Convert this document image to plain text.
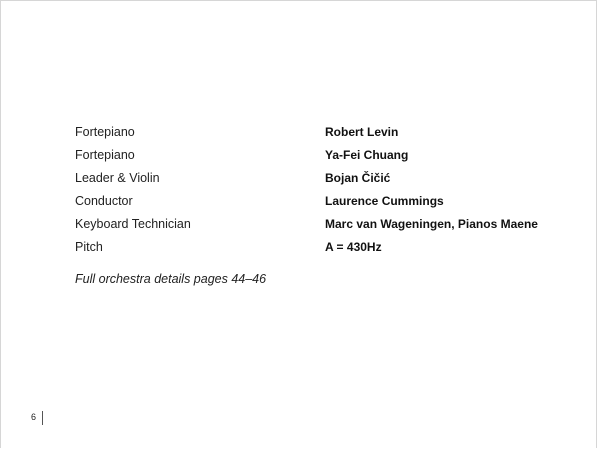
Fortepiano	Robert Levin
Fortepiano	Ya-Fei Chuang
Leader & Violin	Bojan Čičić
Conductor	Laurence Cummings
Keyboard Technician	Marc van Wageningen, Pianos Maene
Pitch	A = 430Hz
Full orchestra details pages 44–46
6
